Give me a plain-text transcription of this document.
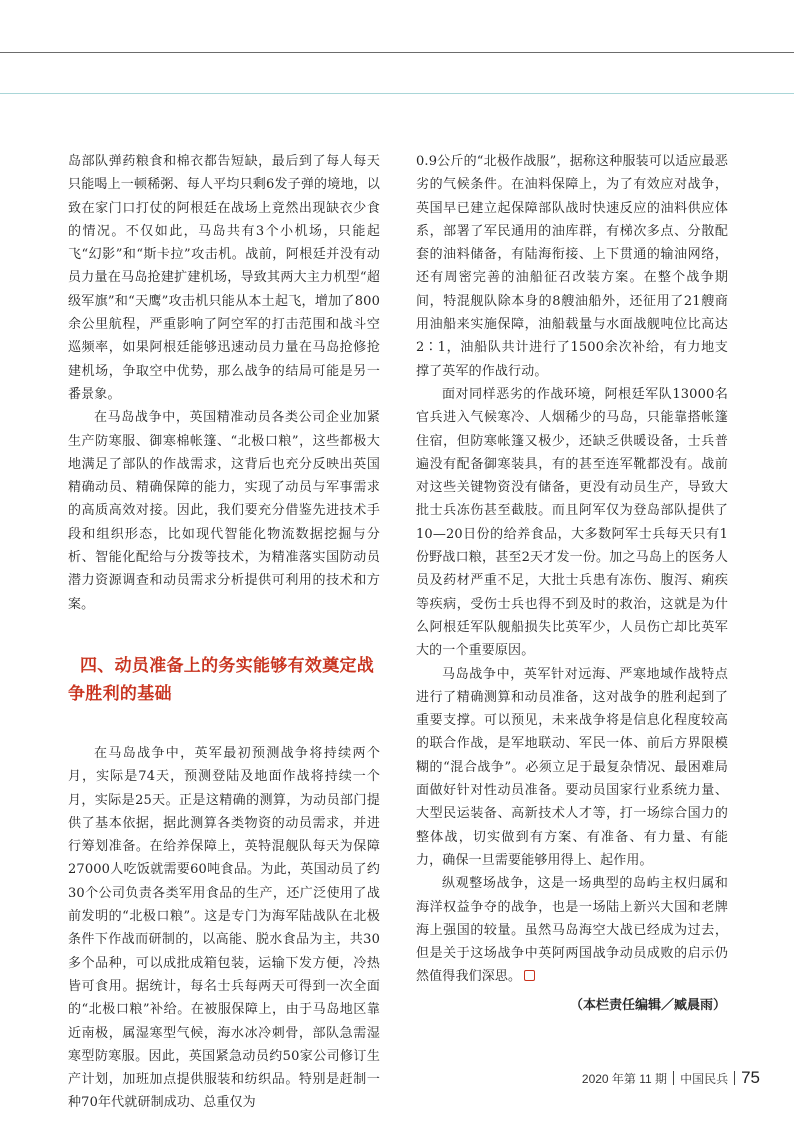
岛部队弹药粮食和棉衣都告短缺，最后到了每人每天只能喝上一顿稀粥、每人平均只剩6发子弹的境地，以致在家门口打仗的阿根廷在战场上竟然出现缺衣少食的情况。不仅如此，马岛共有3个小机场，只能起飞“幻影”和“斯卡拉”攻击机。战前，阿根廷并没有动员力量在马岛抢建扩建机场，导致其两大主力机型“超级军旗”和“天鹰”攻击机只能从本土起飞，增加了800余公里航程，严重影响了阿空军的打击范围和战斗空巡频率，如果阿根廷能够迅速动员力量在马岛抢修抢建机场，争取空中优势，那么战争的结局可能是另一番景象。

在马岛战争中，英国精准动员各类公司企业加紧生产防寒服、御寒棉帐篷、“北极口粮”，这些都极大地满足了部队的作战需求，这背后也充分反映出英国精确动员、精确保障的能力，实现了动员与军事需求的高质高效对接。因此，我们要充分借鉴先进技术手段和组织形态，比如现代智能化物流数据挖掘与分析、智能化配给与分拨等技术，为精准落实国防动员潜力资源调查和动员需求分析提供可利用的技术和方案。

四、动员准备上的务实能够有效奠定战争胜利的基础

在马岛战争中，英军最初预测战争将持续两个月，实际是74天，预测登陆及地面作战将持续一个月，实际是25天。正是这精确的测算，为动员部门提供了基本依据，据此测算各类物资的动员需求，并进行筹划准备。在给养保障上，英特混舰队每天为保障27000人吃饭就需要60吨食品。为此，英国动员了约30个公司负责各类军用食品的生产，还广泛使用了战前发明的“北极口粮”。这是专门为海军陆战队在北极条件下作战而研制的，以高能、脱水食品为主，共30多个品种，可以成批成箱包装，运输下发方便，冷热皆可食用。据统计，每名士兵每两天可得到一次全面的“北极口粮”补给。在被服保障上，由于马岛地区靠近南极，属湿寒型气候，海水冰冷刺骨，部队急需湿寒型防寒服。因此，英国紧急动员约50家公司修订生产计划，加班加点提供服装和纺织品。特别是赶制一种70年代就研制成功、总重仅为

0.9公斤的“北极作战服”，据称这种服装可以适应最恶劣的气候条件。在油料保障上，为了有效应对战争，英国早已建立起保障部队战时快速反应的油料供应体系，部署了军民通用的油库群，有梯次多点、分散配套的油料储备，有陆海衔接、上下贯通的输油网络，还有周密完善的油船征召改装方案。在整个战争期间，特混舰队除本身的8艘油船外，还征用了21艘商用油船来实施保障，油船载量与水面战舰吨位比高达2∶1，油船队共计进行了1500余次补给，有力地支撑了英军的作战行动。

面对同样恶劣的作战环境，阿根廷军队13000名官兵进入气候寒冷、人烟稀少的马岛，只能靠搭帐篷住宿，但防寒帐篷又极少，还缺乏供暖设备，士兵普遍没有配备御寒装具，有的甚至连军靴都没有。战前对这些关键物资没有储备，更没有动员生产，导致大批士兵冻伤甚至截肢。而且阿军仅为登岛部队提供了10—20日份的给养食品，大多数阿军士兵每天只有1份野战口粮，甚至2天才发一份。加之马岛上的医务人员及药材严重不足，大批士兵患有冻伤、腹泻、痢疾等疾病，受伤士兵也得不到及时的救治，这就是为什么阿根廷军队舰船损失比英军少，人员伤亡却比英军大的一个重要原因。

马岛战争中，英军针对远海、严寒地域作战特点进行了精确测算和动员准备，这对战争的胜利起到了重要支撑。可以预见，未来战争将是信息化程度较高的联合作战，是军地联动、军民一体、前后方界限模糊的“混合战争”。必须立足于最复杂情况、最困难局面做好针对性动员准备。要动员国家行业系统力量、大型民运装备、高新技术人才等，打一场综合国力的整体战，切实做到有方案、有准备、有力量、有能力，确保一旦需要能够用得上、起作用。

纵观整场战争，这是一场典型的岛屿主权归属和海洋权益争夺的战争，也是一场陆上新兴大国和老牌海上强国的较量。虽然马岛海空大战已经成为过去，但是关于这场战争中英阿两国战争动员成败的启示仍然值得我们深思。

（本栏责任编辑／臧晨雨）

2020 年第 11 期 中国民兵 75
